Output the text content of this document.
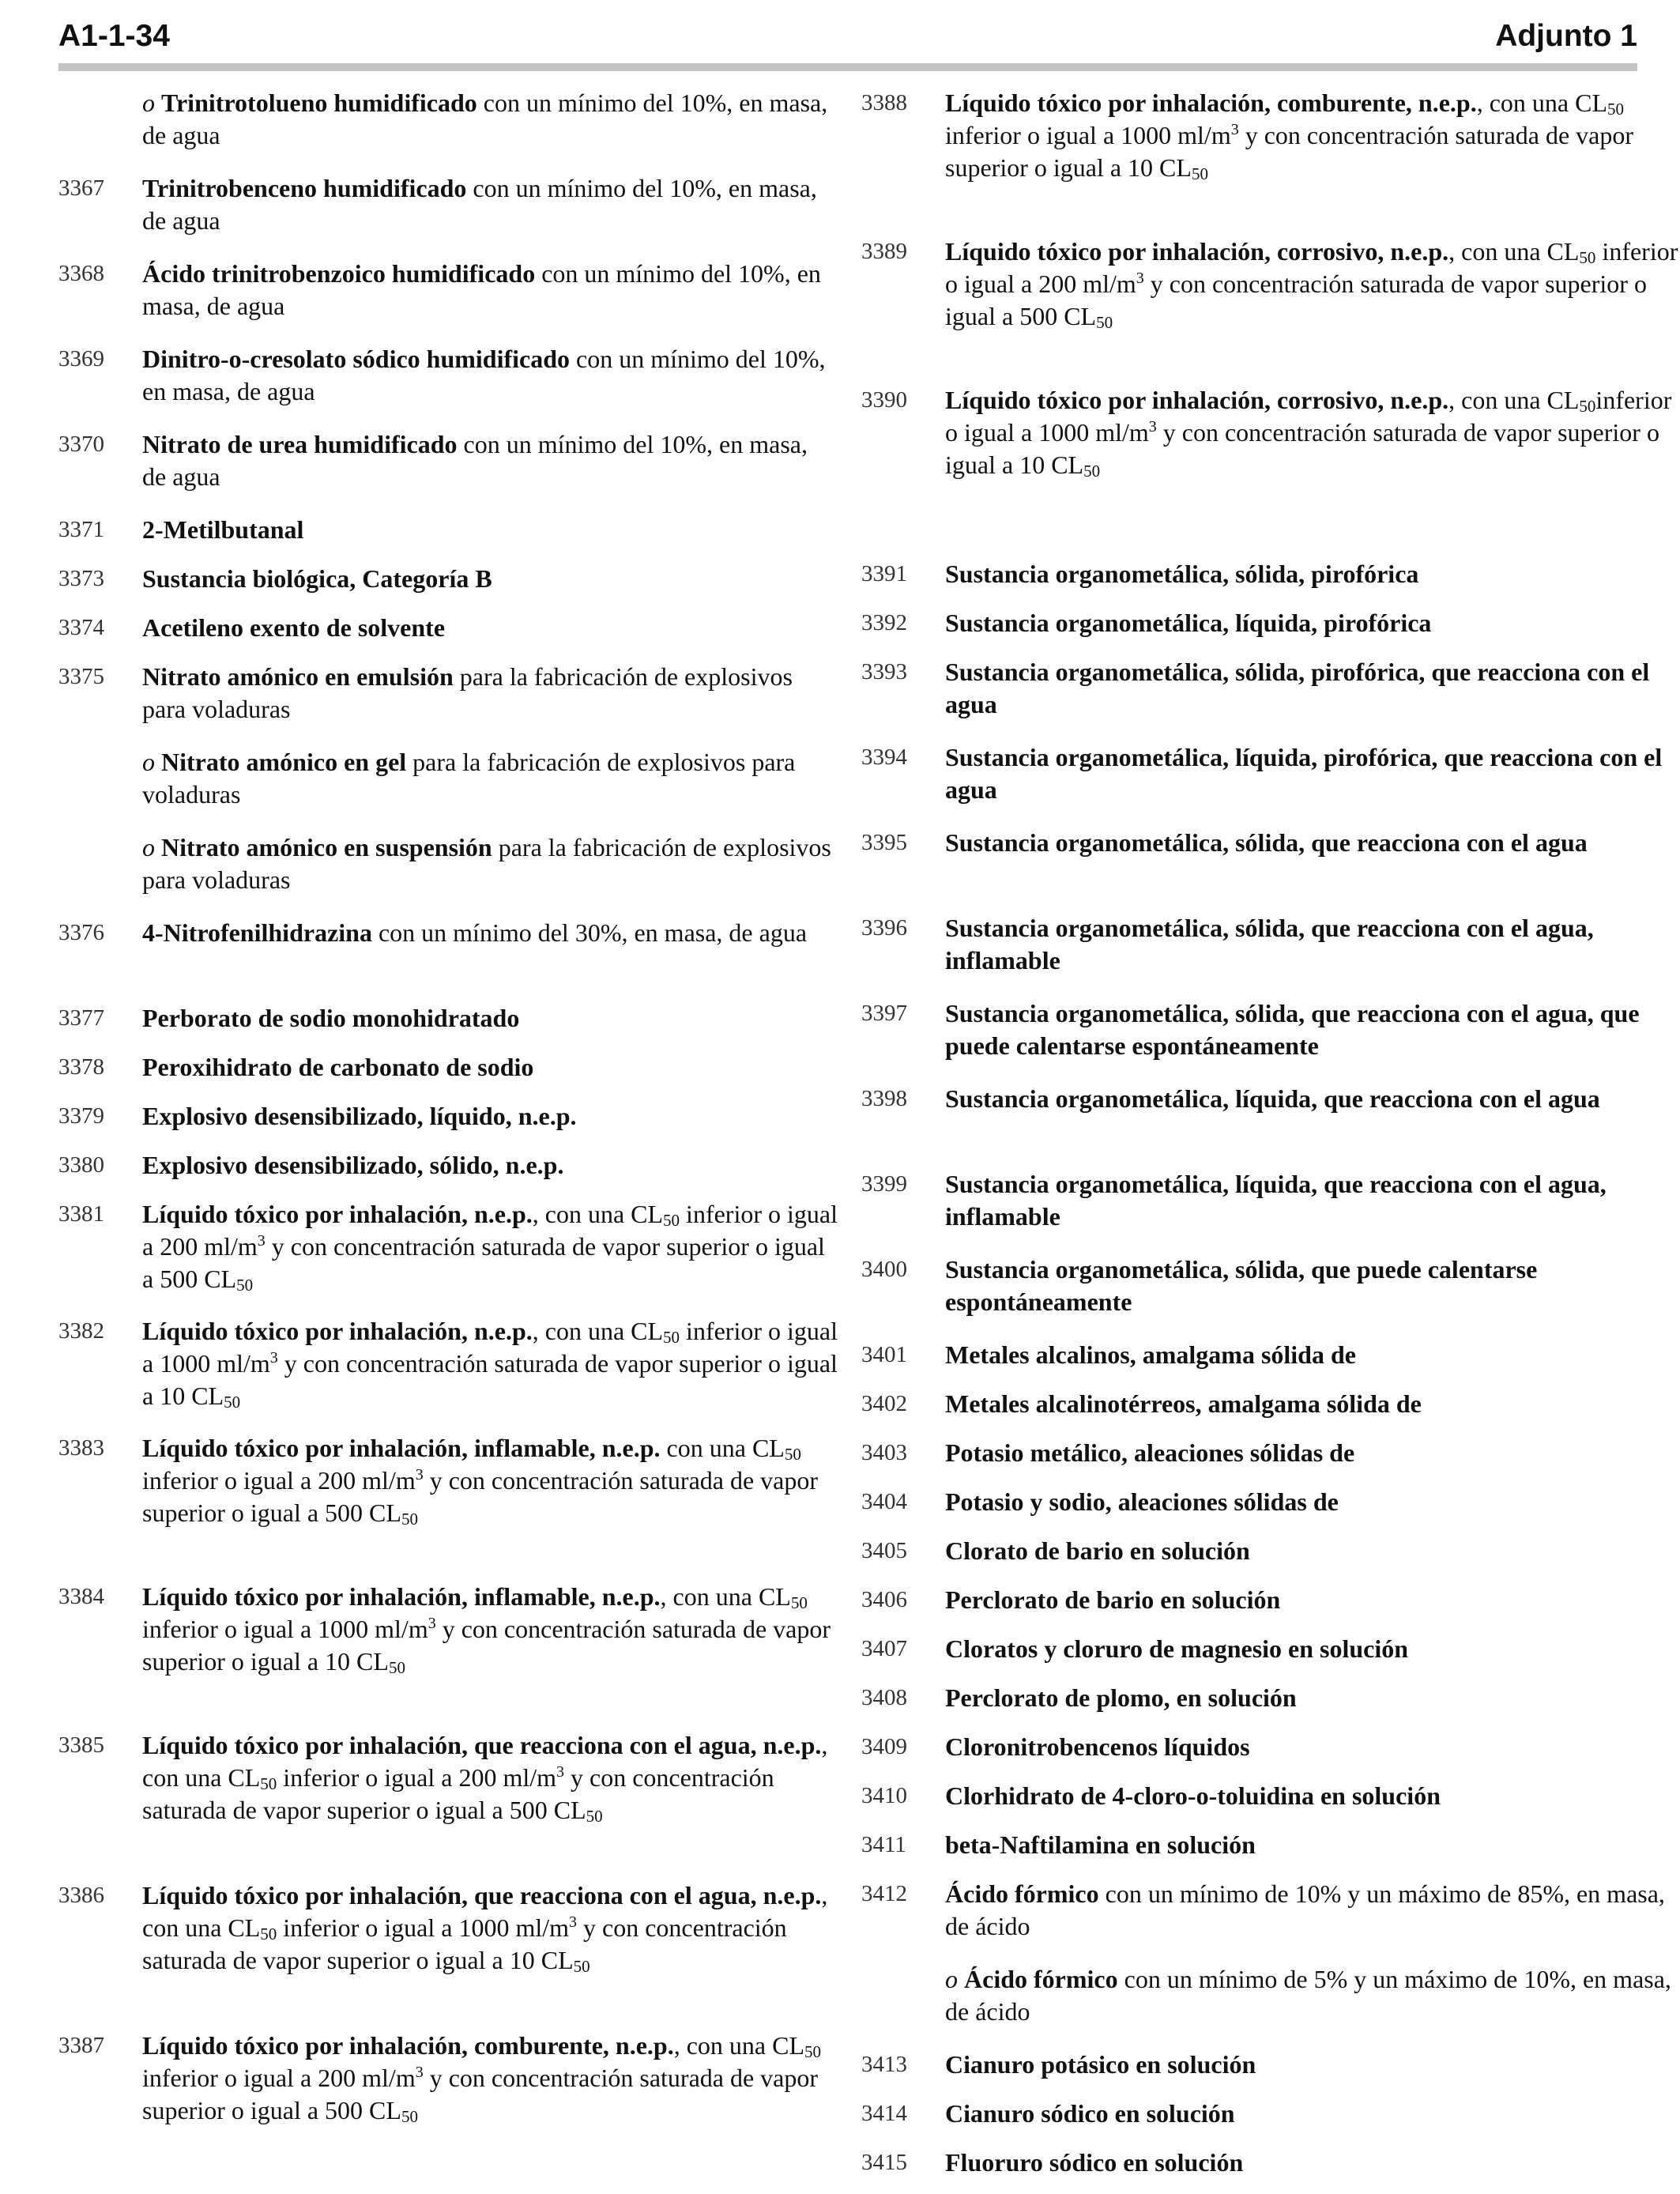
A1-1-34	Adjunto 1
o Trinitrotolueno humidificado con un mínimo del 10%, en masa, de agua
3367 Trinitrobenceno humidificado con un mínimo del 10%, en masa, de agua
3368 Ácido trinitrobenzoico humidificado con un mínimo del 10%, en masa, de agua
3369 Dinitro-o-cresolato sódico humidificado con un mínimo del 10%, en masa, de agua
3370 Nitrato de urea humidificado con un mínimo del 10%, en masa, de agua
3371 2-Metilbutanal
3373 Sustancia biológica, Categoría B
3374 Acetileno exento de solvente
3375 Nitrato amónico en emulsión para la fabricación de explosivos para voladuras
o Nitrato amónico en gel para la fabricación de explosivos para voladuras
o Nitrato amónico en suspensión para la fabricación de explosivos para voladuras
3376 4-Nitrofenilhidrazina con un mínimo del 30%, en masa, de agua
3377 Perborato de sodio monohidratado
3378 Peroxihidrato de carbonato de sodio
3379 Explosivo desensibilizado, líquido, n.e.p.
3380 Explosivo desensibilizado, sólido, n.e.p.
3381 Líquido tóxico por inhalación, n.e.p., con una $CL_{50}$ inferior o igual a 200 $ml/m^3$ y con concentración saturada de vapor superior o igual a 500 $CL_{50}$
3382 Líquido tóxico por inhalación, n.e.p., con una $CL_{50}$ inferior o igual a 1000 $ml/m^3$ y con concentración saturada de vapor superior o igual a 10 $CL_{50}$
3383 Líquido tóxico por inhalación, inflamable, n.e.p. con una $CL_{50}$ inferior o igual a 200 $ml/m^3$ y con concentración saturada de vapor superior o igual a 500 $CL_{50}$
3384 Líquido tóxico por inhalación, inflamable, n.e.p., con una $CL_{50}$ inferior o igual a 1000 $ml/m^3$ y con concentración saturada de vapor superior o igual a 10 $CL_{50}$
3385 Líquido tóxico por inhalación, que reacciona con el agua, n.e.p., con una $CL_{50}$ inferior o igual a 200 $ml/m^3$ y con concentración saturada de vapor superior o igual a 500 $CL_{50}$
3386 Líquido tóxico por inhalación, que reacciona con el agua, n.e.p., con una $CL_{50}$ inferior o igual a 1000 $ml/m^3$ y con concentración saturada de vapor superior o igual a 10 $CL_{50}$
3387 Líquido tóxico por inhalación, comburente, n.e.p., con una $CL_{50}$ inferior o igual a 200 $ml/m^3$ y con concentración saturada de vapor superior o igual a 500 $CL_{50}$
3388 Líquido tóxico por inhalación, comburente, n.e.p., con una $CL_{50}$ inferior o igual a 1000 $ml/m^3$ y con concentración saturada de vapor superior o igual a 10 $CL_{50}$
3389 Líquido tóxico por inhalación, corrosivo, n.e.p., con una $CL_{50}$ inferior o igual a 200 $ml/m^3$ y con concentración saturada de vapor superior o igual a 500 $CL_{50}$
3390 Líquido tóxico por inhalación, corrosivo, n.e.p., con una $CL_{50}inferior$ o igual a 1000 $ml/m^3$ y con concentración saturada de vapor superior o igual a 10 $CL_{50}$
3391 Sustancia organometálica, sólida, pirofórica
3392 Sustancia organometálica, líquida, pirofórica
3393 Sustancia organometálica, sólida, pirofórica, que reacciona con el agua
3394 Sustancia organometálica, líquida, pirofórica, que reacciona con el agua
3395 Sustancia organometálica, sólida, que reacciona con el agua
3396 Sustancia organometálica, sólida, que reacciona con el agua, inflamable
3397 Sustancia organometálica, sólida, que reacciona con el agua, que puede calentarse espontáneamente
3398 Sustancia organometálica, líquida, que reacciona con el agua
3399 Sustancia organometálica, líquida, que reacciona con el agua, inflamable
3400 Sustancia organometálica, sólida, que puede calentarse espontáneamente
3401 Metales alcalinos, amalgama sólida de
3402 Metales alcalinotérreos, amalgama sólida de
3403 Potasio metálico, aleaciones sólidas de
3404 Potasio y sodio, aleaciones sólidas de
3405 Clorato de bario en solución
3406 Perclorato de bario en solución
3407 Cloratos y cloruro de magnesio en solución
3408 Perclorato de plomo, en solución
3409 Cloronitrobencenos líquidos
3410 Clorhidrato de 4-cloro-o-toluidina en solución
3411 beta-Naftilamina en solución
3412 Ácido fórmico con un mínimo de 10% y un máximo de 85%, en masa, de ácido
o Ácido fórmico con un mínimo de 5% y un máximo de 10%, en masa, de ácido
3413 Cianuro potásico en solución
3414 Cianuro sódico en solución
3415 Fluoruro sódico en solución
